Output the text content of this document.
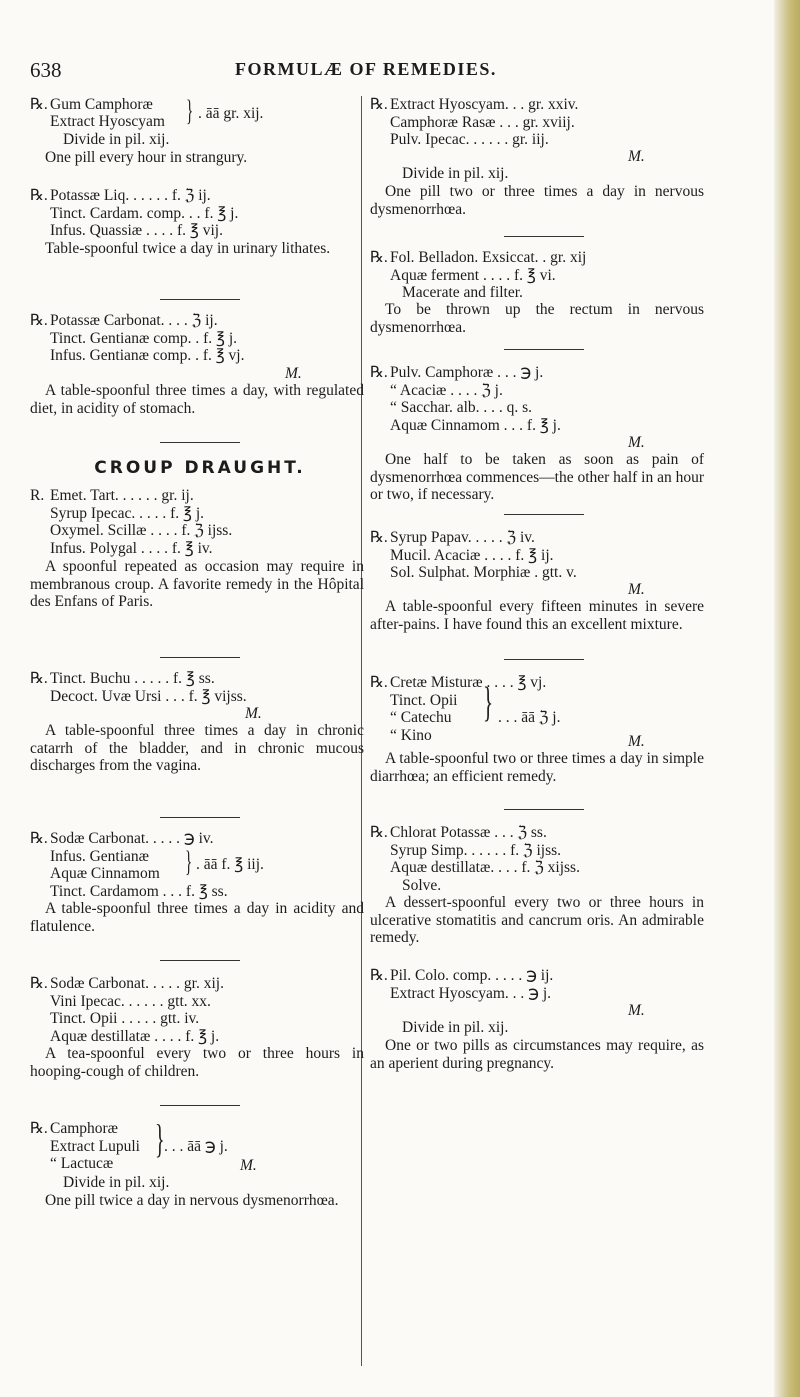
638	FORMULÆ OF REMEDIES.
℞. Gum Camphoræ
Extract Hyoscyam } . āā gr. xij.
Divide in pil. xij.
One pill every hour in strangury.
℞. Potassæ Liq. . . . . . f. ℨ ij.
Tinct. Cardam. comp. . . f. ℥ j.
Infus. Quassiæ . . . . f. ℥ vij.
Table-spoonful twice a day in urinary lithates.
℞. Potassæ Carbonat. . . . ℨ ij.
Tinct. Gentianæ comp. . f. ℥ j.
Infus. Gentianæ comp. . f. ℥ vj.
M.
A table-spoonful three times a day, with regulated diet, in acidity of stomach.
CROUP DRAUGHT.
R. Emet. Tart. . . . . . gr. ij.
Syrup Ipecac. . . . . f. ℥ j.
Oxymel. Scillæ . . . . f. ℨ ijss.
Infus. Polygal . . . . f. ℥ iv.
A spoonful repeated as occasion may require in membranous croup. A favorite remedy in the Hôpital des Enfans of Paris.
℞. Tinct. Buchu . . . . . f. ℥ ss.
Decoct. Uvæ Ursi . . . f. ℥ vijss.
M.
A table-spoonful three times a day in chronic catarrh of the bladder, and in chronic mucous discharges from the vagina.
℞. Sodæ Carbonat. . . . . ℈ iv.
Infus. Gentianæ
Aquæ Cinnamom } . āā f. ℥ iij.
Tinct. Cardamom . . . f. ℥ ss.
A table-spoonful three times a day in acidity and flatulence.
℞. Sodæ Carbonat. . . . . gr. xij.
Vini Ipecac. . . . . . gtt. xx.
Tinct. Opii . . . . . gtt. iv.
Aquæ destillatæ . . . . f. ℥ j.
A tea-spoonful every two or three hours in hooping-cough of children.
℞. Camphoræ
Extract Lupuli
“ Lactucæ
} . . . āā ℈ j.
M.
Divide in pil. xij.
One pill twice a day in nervous dysmenorrhœa.
℞. Extract Hyoscyam. . . gr. xxiv.
Camphoræ Rasæ . . . gr. xviij.
Pulv. Ipecac. . . . . . gr. iij.
M.
Divide in pil. xij.
One pill two or three times a day in nervous dysmenorrhœa.
℞. Fol. Belladon. Exsiccat. . gr. xij
Aquæ ferment . . . . f. ℥ vi.
Macerate and filter.
To be thrown up the rectum in nervous dysmenorrhœa.
℞. Pulv. Camphoræ . . . ℈ j.
“ Acaciæ . . . . ℨ j.
“ Sacchar. alb. . . . q. s.
Aquæ Cinnamom . . . f. ℥ j.
M.
One half to be taken as soon as pain of dysmenorrhœa commences—the other half in an hour or two, if necessary.
℞. Syrup Papav. . . . . ℨ iv.
Mucil. Acaciæ . . . . f. ℥ ij.
Sol. Sulphat. Morphiæ . gtt. v.
M.
A table-spoonful every fifteen minutes in severe after-pains. I have found this an excellent mixture.
℞. Cretæ Misturæ . . . . ℥ vj.
Tinct. Opii
“ Catechu
“ Kino
} . . . āā ℨ j.
M.
A table-spoonful two or three times a day in simple diarrhœa; an efficient remedy.
℞. Chlorat Potassæ . . . ℨ ss.
Syrup Simp. . . . . . f. ℨ ijss.
Aquæ destillatæ. . . . f. ℨ xijss.
Solve.
A dessert-spoonful every two or three hours in ulcerative stomatitis and cancrum oris. An admirable remedy.
℞. Pil. Colo. comp. . . . . ℈ ij.
Extract Hyoscyam. . . ℈ j.
M.
Divide in pil. xij.
One or two pills as circumstances may require, as an aperient during pregnancy.
